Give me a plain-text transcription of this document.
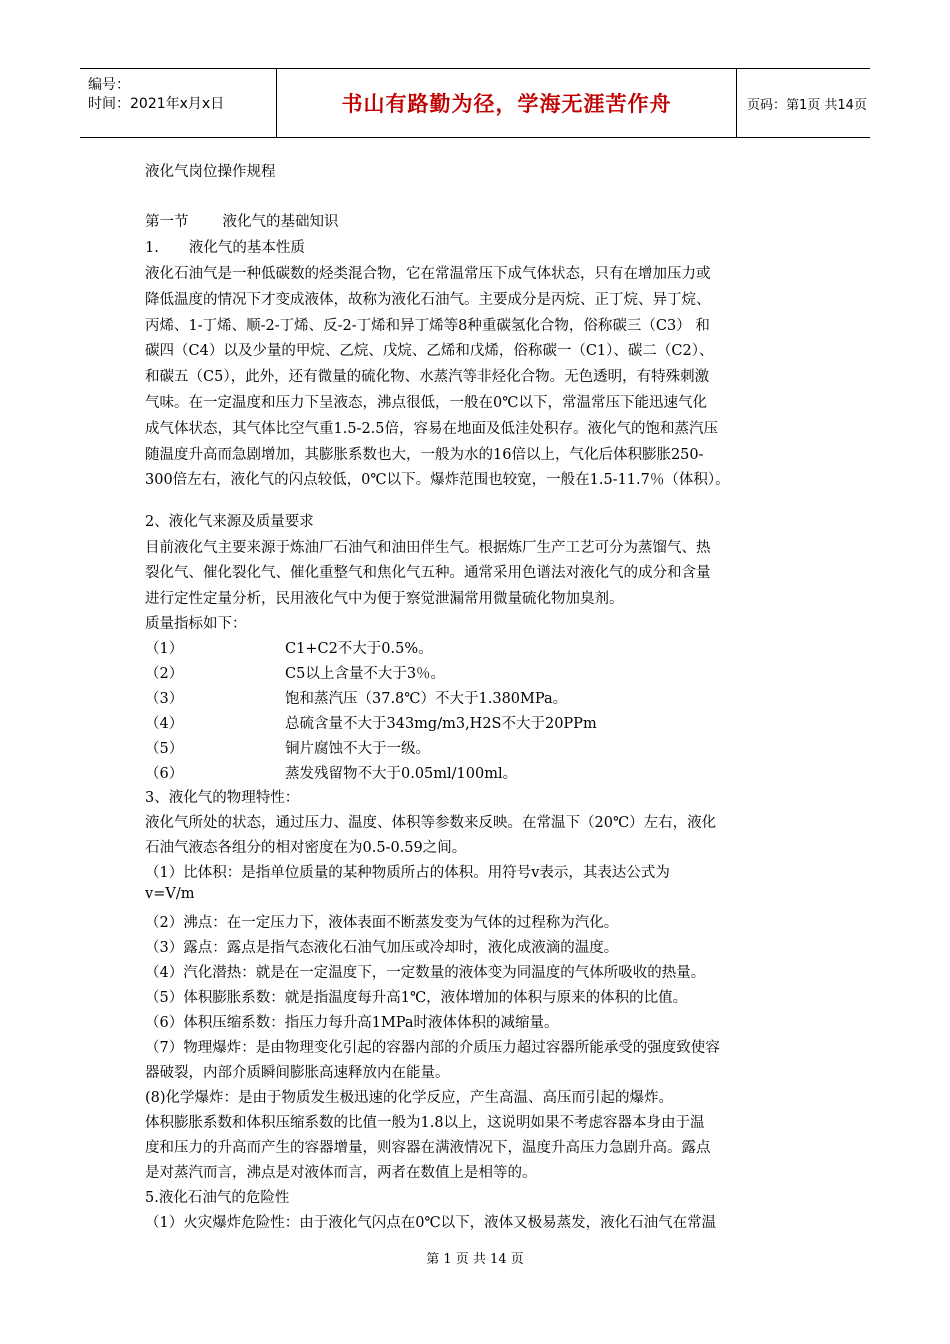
编号：
时间：2021年x月x日	书山有路勤为径，学海无涯苦作舟	页码：第1页 共14页
液化气岗位操作规程
第一节 液化气的基础知识
1. 液化气的基本性质
液化石油气是一种低碳数的烃类混合物，它在常温常压下成气体状态，只有在增加压力或
降低温度的情况下才变成液体，故称为液化石油气。主要成分是丙烷、正丁烷、异丁烷、
丙烯、1-丁烯、顺-2-丁烯、反-2-丁烯和异丁烯等8种重碳氢化合物，俗称碳三（C3） 和
碳四（C4）以及少量的甲烷、乙烷、戊烷、乙烯和戊烯，俗称碳一（C1）、碳二（C2）、
和碳五（C5），此外，还有微量的硫化物、水蒸汽等非烃化合物。无色透明，有特殊刺激
气味。在一定温度和压力下呈液态，沸点很低，一般在0℃以下，常温常压下能迅速气化
成气体状态，其气体比空气重1.5-2.5倍，容易在地面及低洼处积存。液化气的饱和蒸汽压
随温度升高而急剧增加，其膨胀系数也大，一般为水的16倍以上，气化后体积膨胀250-
300倍左右，液化气的闪点较低，0℃以下。爆炸范围也较宽，一般在1.5-11.7％（体积）。
2、液化气来源及质量要求
目前液化气主要来源于炼油厂石油气和油田伴生气。根据炼厂生产工艺可分为蒸馏气、热
裂化气、催化裂化气、催化重整气和焦化气五种。通常采用色谱法对液化气的成分和含量
进行定性定量分析，民用液化气中为便于察觉泄漏常用微量硫化物加臭剂。
质量指标如下：
（1）	C1+C2不大于0.5%。
（2）	C5以上含量不大于3％。
（3）	饱和蒸汽压（37.8℃）不大于1.380MPa。
（4）	总硫含量不大于343mg/m3,H2S不大于20PPm
（5）	铜片腐蚀不大于一级。
（6）	蒸发残留物不大于0.05ml/100ml。
3、液化气的物理特性：
液化气所处的状态，通过压力、温度、体积等参数来反映。在常温下（20℃）左右，液化
石油气液态各组分的相对密度在为0.5-0.59之间。
（1）比体积：是指单位质量的某种物质所占的体积。用符号v表示，其表达公式为
v=V/m
（2）沸点：在一定压力下，液体表面不断蒸发变为气体的过程称为汽化。
（3）露点：露点是指气态液化石油气加压或冷却时，液化成液滴的温度。
（4）汽化潜热：就是在一定温度下，一定数量的液体变为同温度的气体所吸收的热量。
（5）体积膨胀系数：就是指温度每升高1℃，液体增加的体积与原来的体积的比值。
（6）体积压缩系数：指压力每升高1MPa时液体体积的减缩量。
（7）物理爆炸：是由物理变化引起的容器内部的介质压力超过容器所能承受的强度致使容
器破裂，内部介质瞬间膨胀高速释放内在能量。
(8)化学爆炸：是由于物质发生极迅速的化学反应，产生高温、高压而引起的爆炸。
体积膨胀系数和体积压缩系数的比值一般为1.8以上，这说明如果不考虑容器本身由于温
度和压力的升高而产生的容器增量，则容器在满液情况下，温度升高压力急剧升高。露点
是对蒸汽而言，沸点是对液体而言，两者在数值上是相等的。
5.液化石油气的危险性
（1）火灾爆炸危险性：由于液化气闪点在0℃以下，液体又极易蒸发，液化石油气在常温
第 1 页 共 14 页
